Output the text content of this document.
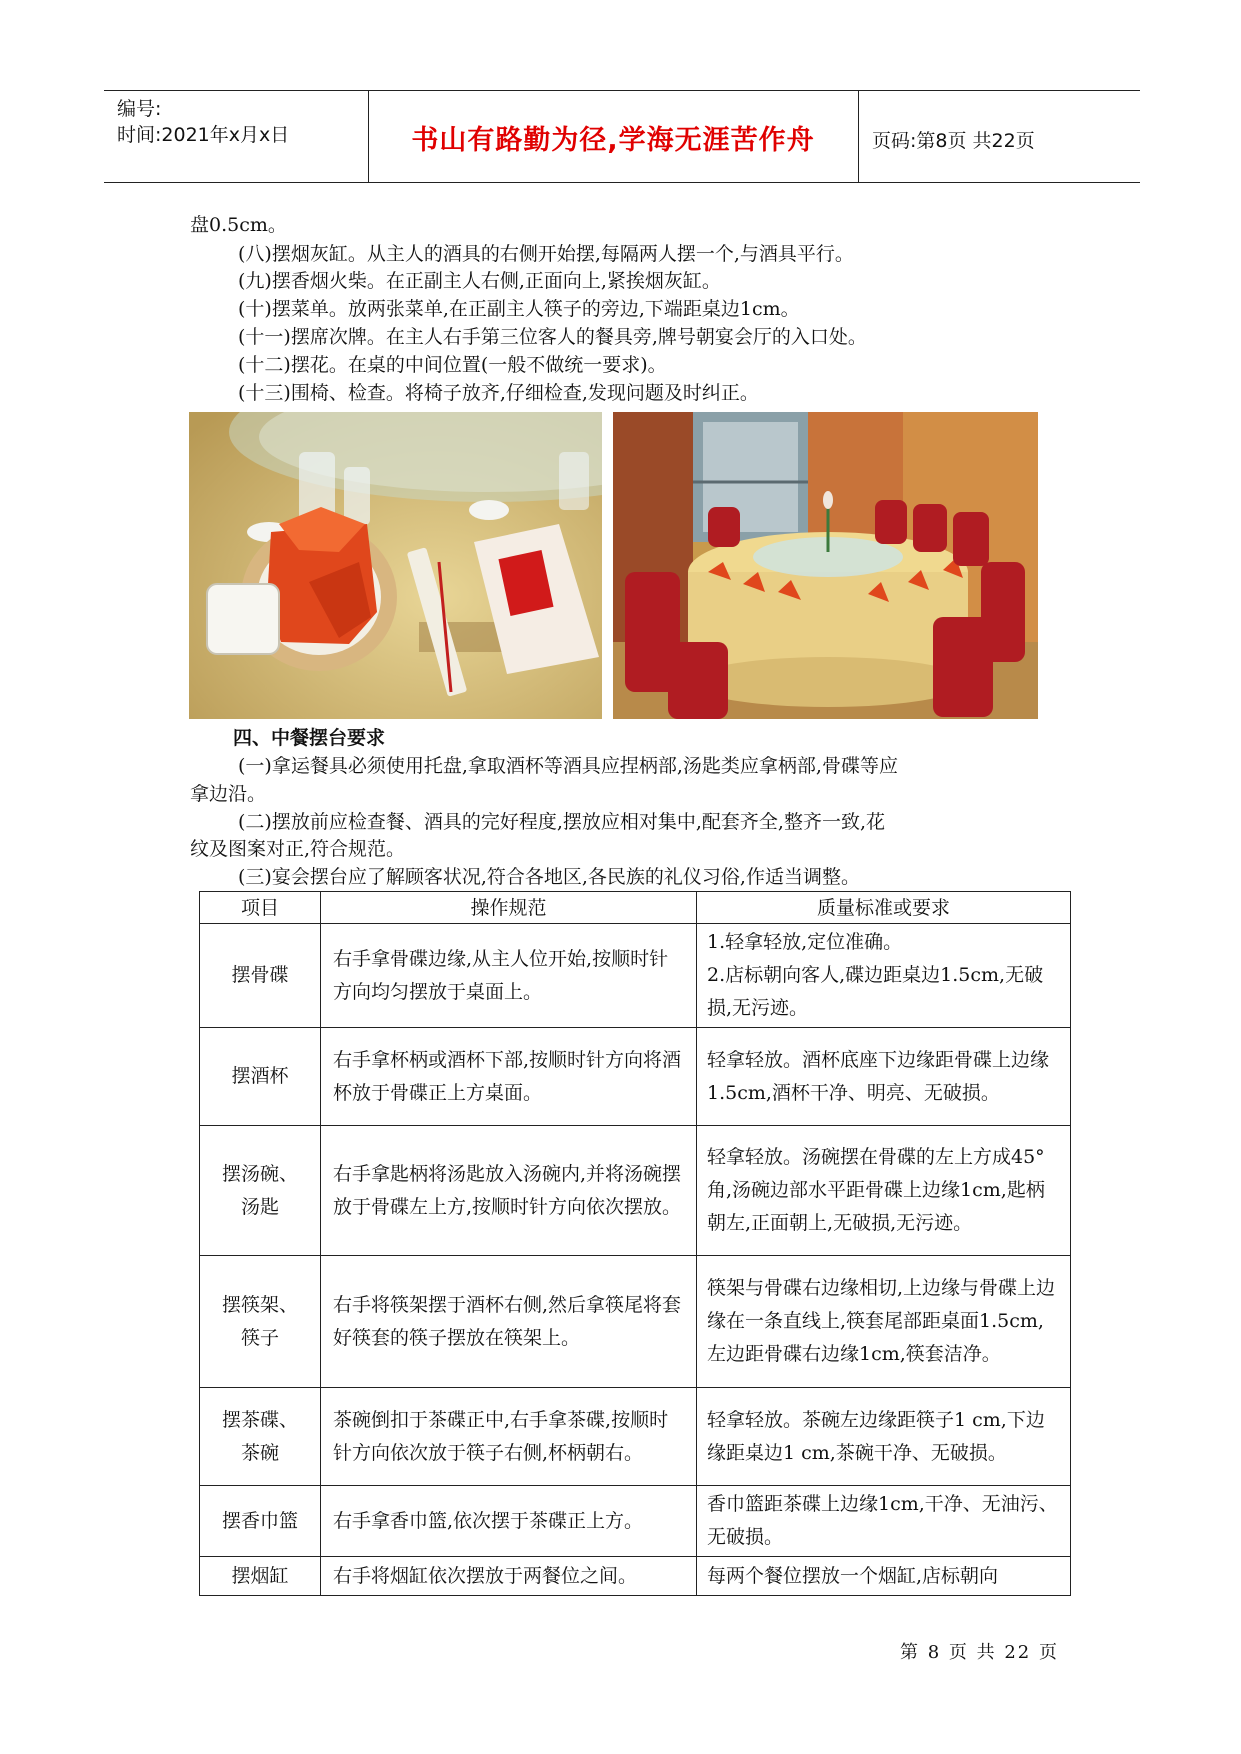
编号:
时间:2021年x月x日	书山有路勤为径,学海无涯苦作舟	页码:第8页 共22页
盘0.5cm。
(八)摆烟灰缸。从主人的酒具的右侧开始摆,每隔两人摆一个,与酒具平行。
(九)摆香烟火柴。在正副主人右侧,正面向上,紧挨烟灰缸。
(十)摆菜单。放两张菜单,在正副主人筷子的旁边,下端距桌边1cm。
(十一)摆席次牌。在主人右手第三位客人的餐具旁,牌号朝宴会厅的入口处。
(十二)摆花。在桌的中间位置(一般不做统一要求)。
(十三)围椅、检查。将椅子放齐,仔细检查,发现问题及时纠正。
四、中餐摆台要求
(一)拿运餐具必须使用托盘,拿取酒杯等酒具应捏柄部,汤匙类应拿柄部,骨碟等应
拿边沿。
(二)摆放前应检查餐、酒具的完好程度,摆放应相对集中,配套齐全,整齐一致,花
纹及图案对正,符合规范。
(三)宴会摆台应了解顾客状况,符合各地区,各民族的礼仪习俗,作适当调整。
项目	操作规范	质量标准或要求
摆骨碟	右手拿骨碟边缘,从主人位开始,按顺时针方向均匀摆放于桌面上。	1.轻拿轻放,定位准确。
2.店标朝向客人,碟边距桌边1.5cm,无破损,无污迹。

摆酒杯	右手拿杯柄或酒杯下部,按顺时针方向将酒杯放于骨碟正上方桌面。	轻拿轻放。酒杯底座下边缘距骨碟上边缘1.5cm,酒杯干净、明亮、无破损。

摆汤碗、
汤匙	右手拿匙柄将汤匙放入汤碗内,并将汤碗摆放于骨碟左上方,按顺时针方向依次摆放。	轻拿轻放。汤碗摆在骨碟的左上方成45°角,汤碗边部水平距骨碟上边缘1cm,匙柄朝左,正面朝上,无破损,无污迹。

摆筷架、
筷子	右手将筷架摆于酒杯右侧,然后拿筷尾将套好筷套的筷子摆放在筷架上。	筷架与骨碟右边缘相切,上边缘与骨碟上边缘在一条直线上,筷套尾部距桌面1.5cm,左边距骨碟右边缘1cm,筷套洁净。

摆茶碟、
茶碗	茶碗倒扣于茶碟正中,右手拿茶碟,按顺时针方向依次放于筷子右侧,杯柄朝右。	轻拿轻放。茶碗左边缘距筷子1 cm,下边缘距桌边1 cm,茶碗干净、无破损。

摆香巾篮	右手拿香巾篮,依次摆于茶碟正上方。	香巾篮距茶碟上边缘1cm,干净、无油污、无破损。

摆烟缸	右手将烟缸依次摆放于两餐位之间。	每两个餐位摆放一个烟缸,店标朝向
第 8 页 共 22 页
